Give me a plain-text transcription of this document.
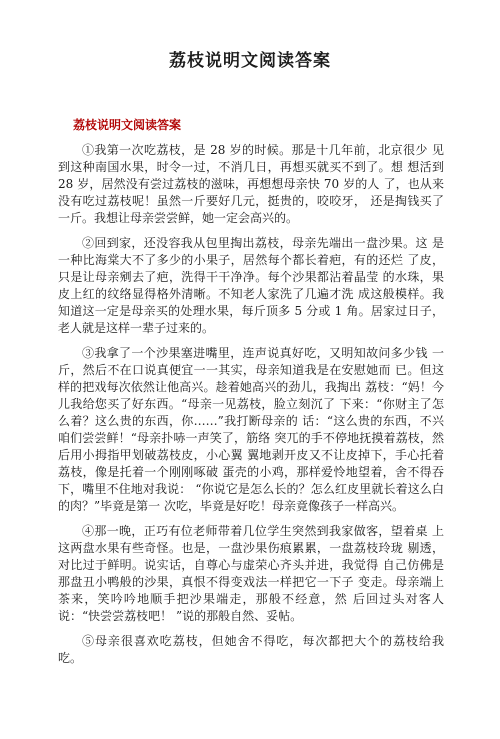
荔枝说明文阅读答案
荔枝说明文阅读答案

①我第一次吃荔枝，是 28 岁的时候。那是十几年前，北京很少 见到这种南国水果，时令一过，不消几日，再想买就买不到了。想 想活到 28 岁，居然没有尝过荔枝的滋味，再想想母亲快 70 岁的人 了，也从来没有吃过荔枝呢！虽然一斤要好几元，挺贵的，咬咬牙， 还是掏钱买了一斤。我想让母亲尝尝鲜，她一定会高兴的。

②回到家，还没容我从包里掏出荔枝，母亲先端出一盘沙果。这 是一种比海棠大不了多少的小果子，居然每个都长着疤，有的还烂 了皮，只是让母亲剜去了疤，洗得干干净净。每个沙果都沾着晶莹 的水珠，果皮上红的纹络显得格外清晰。不知老人家洗了几遍才洗 成这般模样。我知道这一定是母亲买的处理水果，每斤顶多 5 分或 1 角。居家过日子，老人就是这样一辈子过来的。

③我拿了一个沙果塞进嘴里，连声说真好吃，又明知故问多少钱 一斤，然后不在口说真便宜一一其实，母亲知道我是在安慰她而 已。但这样的把戏每次依然让他高兴。趁着她高兴的劲儿，我掏出 荔枝：“妈！今儿我给您买了好东西。“母亲一见荔枝，脸立刻沉了 下来：“你财主了怎么着？这么贵的东西，你……”我打断母亲的 话：“这么贵的东西，不兴咱们尝尝鲜！“母亲扑哧一声笑了，筋络 突兀的手不停地抚摸着荔枝，然后用小拇指甲划破荔枝皮，小心翼 翼地剥开皮又不让皮掉下，手心托着荔枝，像是托着一个刚刚啄破 蛋壳的小鸡，那样爱怜地望着，舍不得吞下，嘴里不住地对我说： “你说它是怎么长的？怎么红皮里就长着这么白的肉？”毕竟是第一 次吃，毕竟是好吃！母亲竟像孩子一样高兴。

④那一晚，正巧有位老师带着几位学生突然到我家做客，望着桌 上这两盘水果有些奇怪。也是，一盘沙果伤痕累累，一盘荔枝玲珑 剔透，对比过于鲜明。说实话，自尊心与虚荣心齐头并进，我觉得 自己仿佛是那盘丑小鸭般的沙果，真恨不得变戏法一样把它一下子 变走。母亲端上茶来，笑吟吟地顺手把沙果端走，那般不经意，然 后回过头对客人说：“快尝尝荔枝吧！ ”说的那般自然、妥帖。

⑤母亲很喜欢吃荔枝，但她舍不得吃，每次都把大个的荔枝给我 吃。
